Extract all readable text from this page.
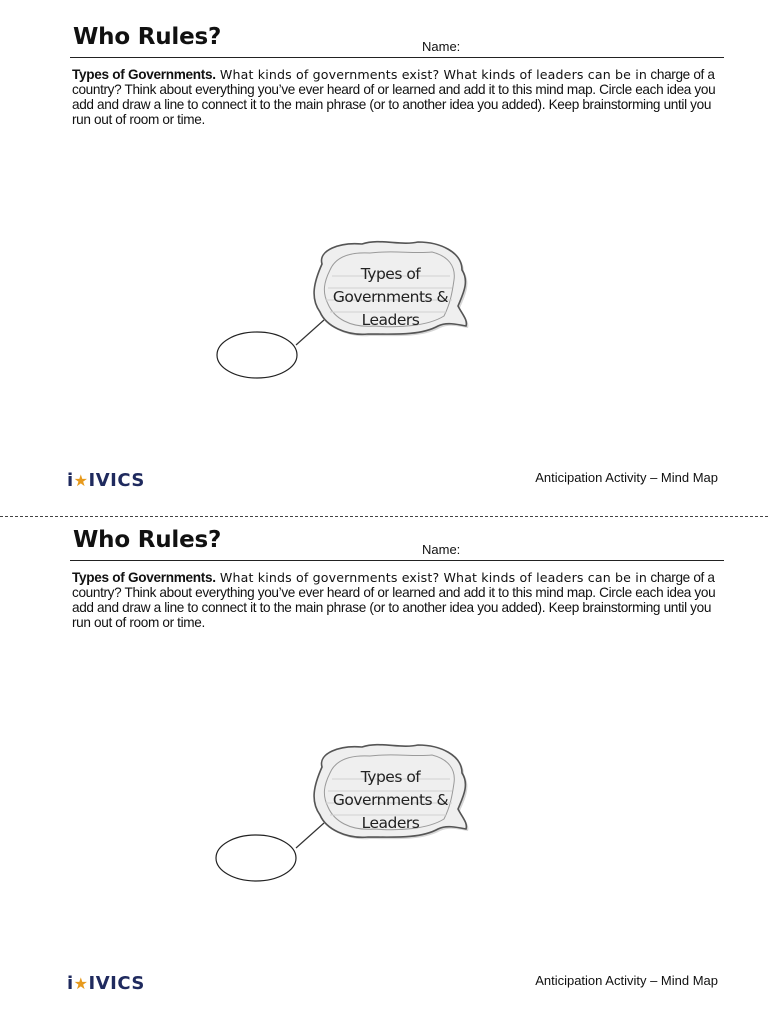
Who Rules?	Name:
Types of Governments. What kinds of governments exist? What kinds of leaders can be in charge of a country? Think about everything you’ve ever heard of or learned and add it to this mind map. Circle each idea you add and draw a line to connect it to the main phrase (or to another idea you added). Keep brainstorming until you run out of room or time.
Types of
Governments &
Leaders
i★IVICS	Anticipation Activity – Mind Map
Who Rules?	Name:
Types of Governments. What kinds of governments exist? What kinds of leaders can be in charge of a country? Think about everything you’ve ever heard of or learned and add it to this mind map. Circle each idea you add and draw a line to connect it to the main phrase (or to another idea you added). Keep brainstorming until you run out of room or time.
Types of
Governments &
Leaders
i★IVICS	Anticipation Activity – Mind Map
